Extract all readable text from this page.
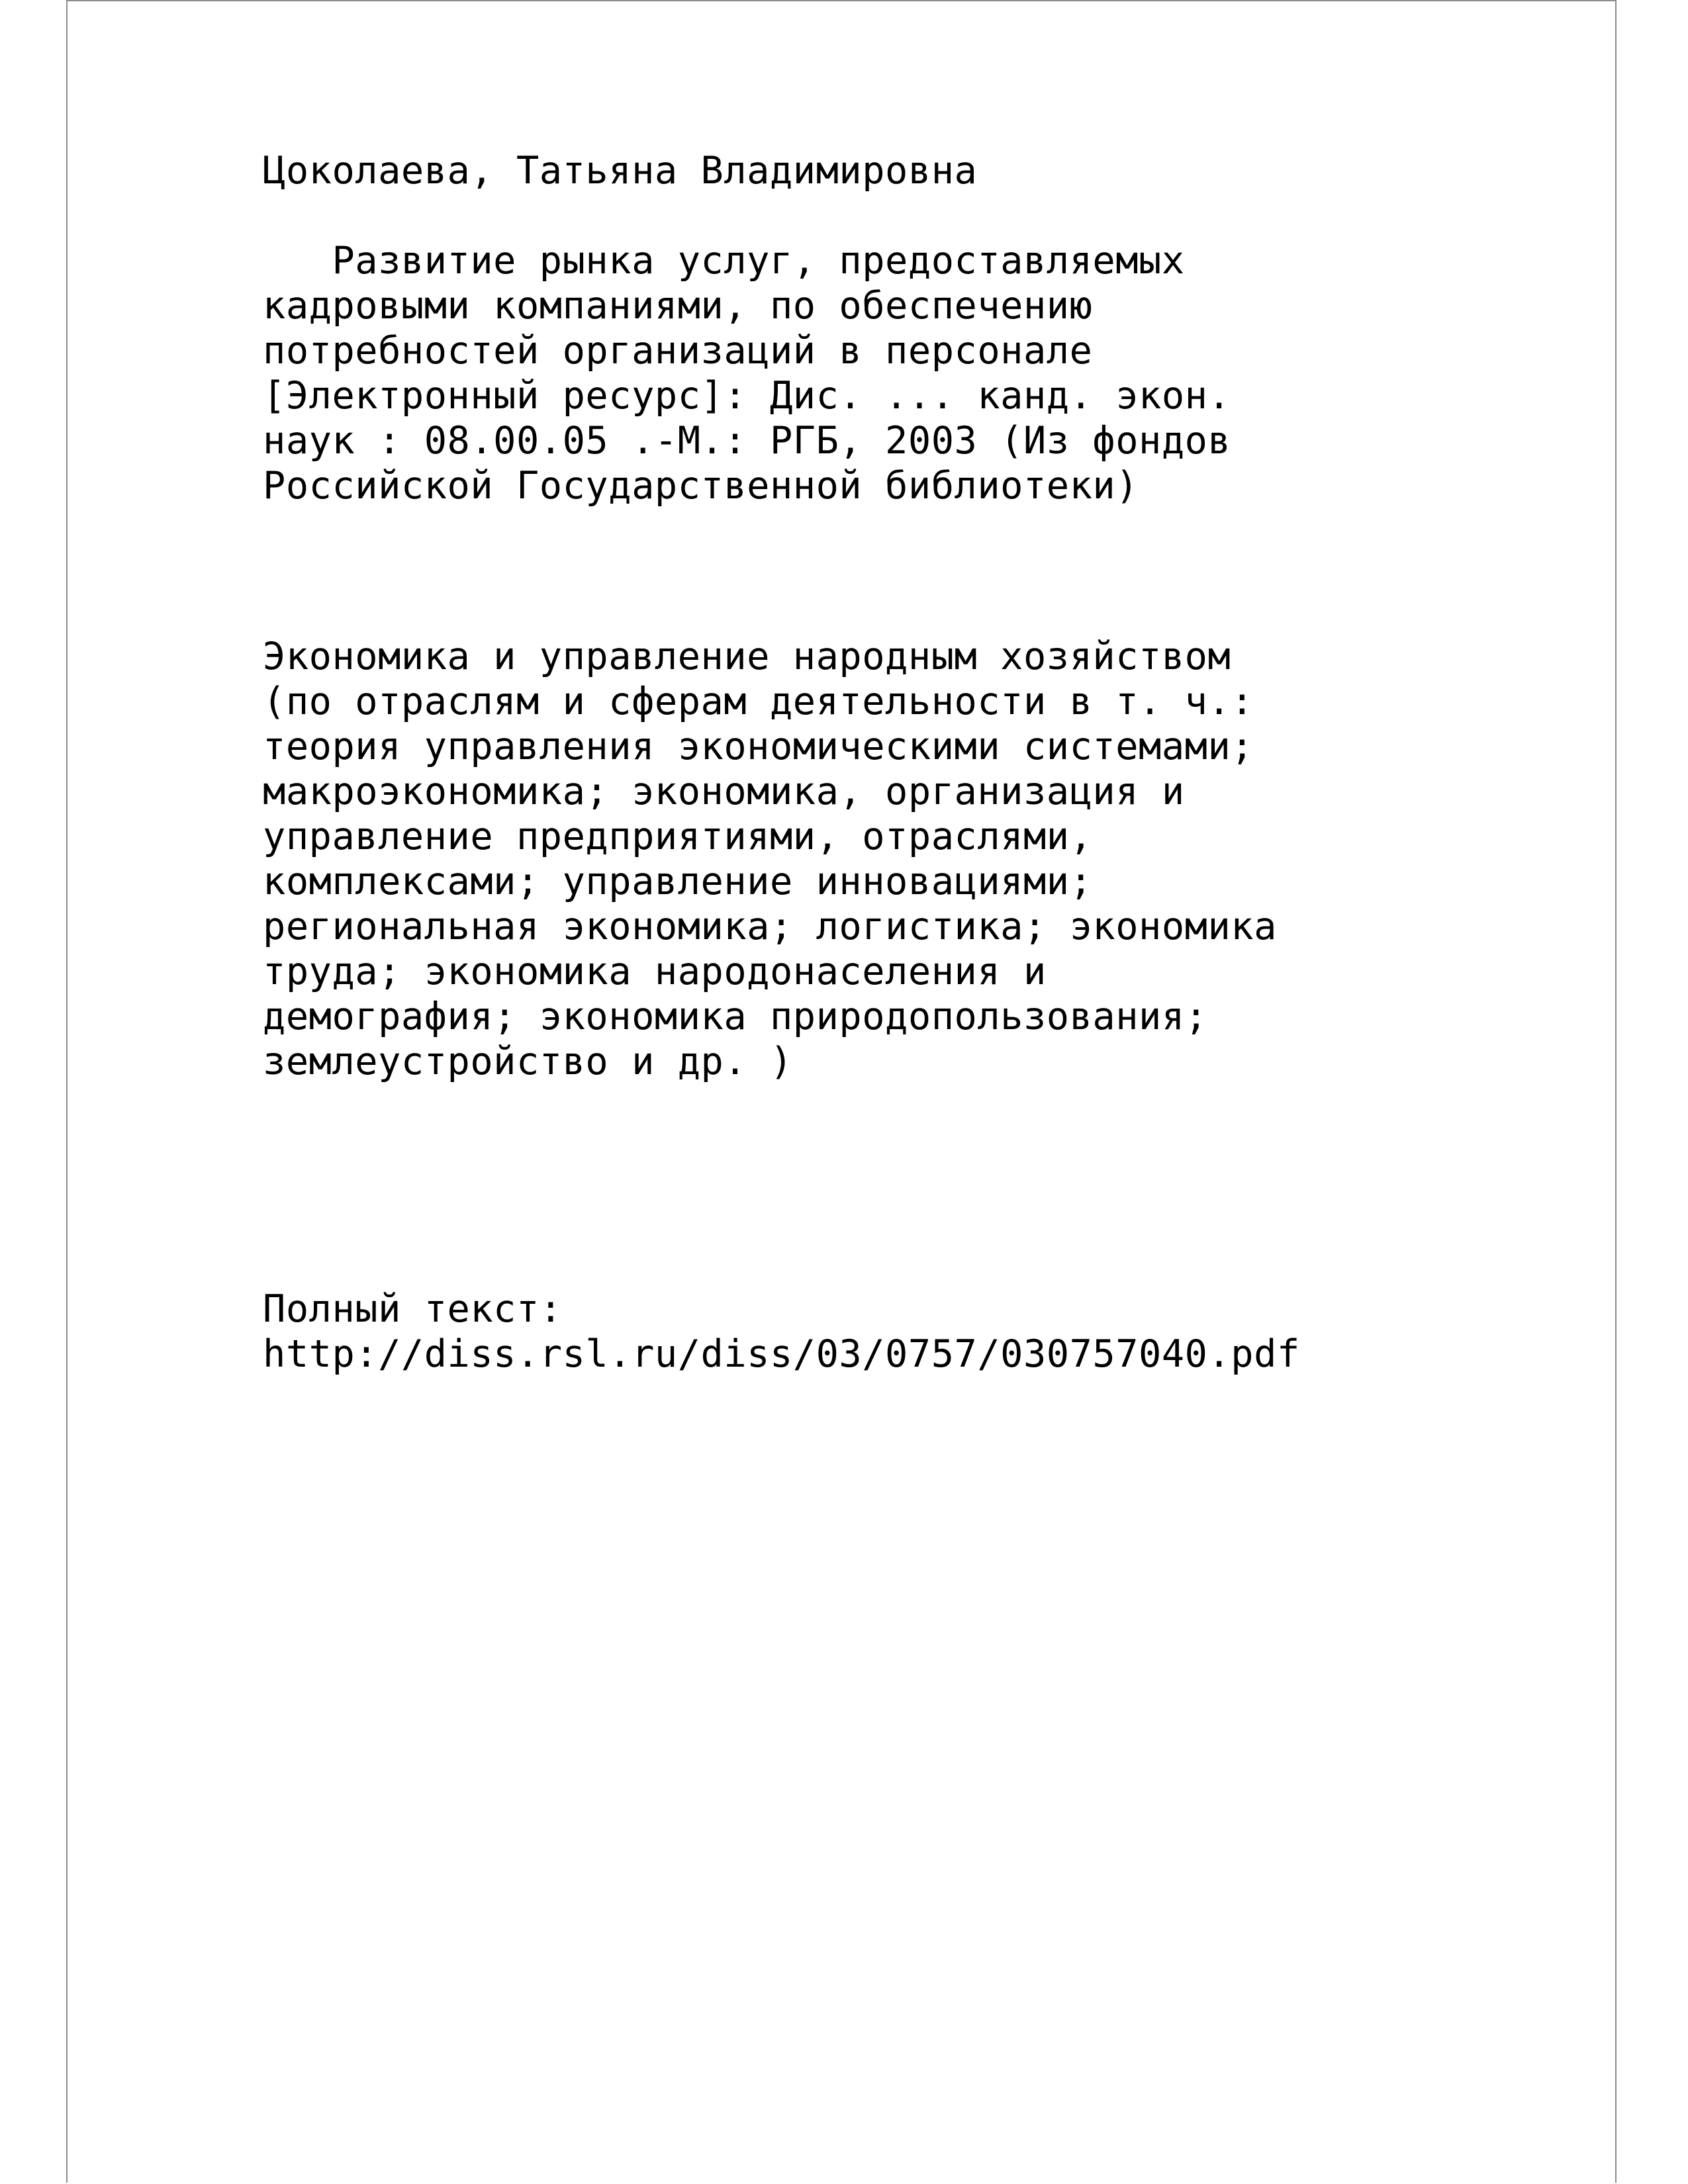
Цоколаева, Татьяна Владимировна
Развитие рынка услуг, предоставляемых
кадровыми компаниями, по обеспечению
потребностей организаций в персонале
[Электронный ресурс]: Дис. ... канд. экон.
наук : 08.00.05 .-М.: РГБ, 2003 (Из фондов
Российской Государственной библиотеки)
Экономика и управление народным хозяйством
(по отраслям и сферам деятельности в т. ч.:
теория управления экономическими системами;
макроэкономика; экономика, организация и
управление предприятиями, отраслями,
комплексами; управление инновациями;
региональная экономика; логистика; экономика
труда; экономика народонаселения и
демография; экономика природопользования;
землеустройство и др. )
Полный текст:
http://diss.rsl.ru/diss/03/0757/030757040.pdf
